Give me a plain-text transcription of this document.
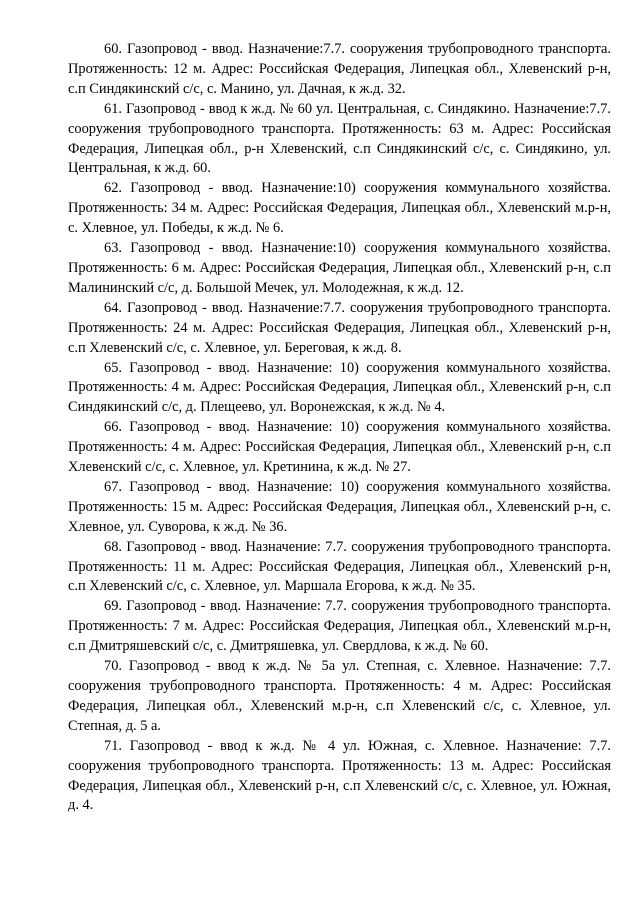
60. Газопровод - ввод. Назначение:7.7. сооружения трубопроводного транспорта. Протяженность: 12 м. Адрес: Российская Федерация, Липецкая обл., Хлевенский р-н, с.п Синдякинский с/с, с. Манино, ул. Дачная, к ж.д. 32.

61. Газопровод - ввод к ж.д. № 60 ул. Центральная, с. Синдякино. Назначение:7.7. сооружения трубопроводного транспорта. Протяженность: 63 м. Адрес: Российская Федерация, Липецкая обл., р-н Хлевенский, с.п Синдякинский с/с, с. Синдякино, ул. Центральная, к ж.д. 60.

62. Газопровод - ввод. Назначение:10) сооружения коммунального хозяйства. Протяженность: 34 м. Адрес: Российская Федерация, Липецкая обл., Хлевенский м.р-н, с. Хлевное, ул. Победы, к ж.д. № 6.

63. Газопровод - ввод. Назначение:10) сооружения коммунального хозяйства. Протяженность: 6 м. Адрес: Российская Федерация, Липецкая обл., Хлевенский р-н, с.п Малининский с/с, д. Большой Мечек, ул. Молодежная, к ж.д. 12.

64. Газопровод - ввод. Назначение:7.7. сооружения трубопроводного транспорта. Протяженность: 24 м. Адрес: Российская Федерация, Липецкая обл., Хлевенский р-н, с.п Хлевенский с/с, с. Хлевное, ул. Береговая, к ж.д. 8.

65. Газопровод - ввод. Назначение: 10) сооружения коммунального хозяйства. Протяженность: 4 м. Адрес: Российская Федерация, Липецкая обл., Хлевенский р-н, с.п Синдякинский с/с, д. Плещеево, ул. Воронежская, к ж.д. № 4.

66. Газопровод - ввод. Назначение: 10) сооружения коммунального хозяйства. Протяженность: 4 м. Адрес: Российская Федерация, Липецкая обл., Хлевенский р-н, с.п Хлевенский с/с, с. Хлевное, ул. Кретинина, к ж.д. № 27.

67. Газопровод - ввод. Назначение: 10) сооружения коммунального хозяйства. Протяженность: 15 м. Адрес: Российская Федерация, Липецкая обл., Хлевенский р-н, с. Хлевное, ул. Суворова, к ж.д. № 36.

68. Газопровод - ввод. Назначение: 7.7. сооружения трубопроводного транспорта. Протяженность: 11 м. Адрес: Российская Федерация, Липецкая обл., Хлевенский р-н, с.п Хлевенский с/с, с. Хлевное, ул. Маршала Егорова, к ж.д. № 35.

69. Газопровод - ввод. Назначение: 7.7. сооружения трубопроводного транспорта. Протяженность: 7 м. Адрес: Российская Федерация, Липецкая обл., Хлевенский м.р-н, с.п Дмитряшевский с/с, с. Дмитряшевка, ул. Свердлова, к ж.д. № 60.

70. Газопровод - ввод к ж.д. № 5а ул. Степная, с. Хлевное. Назначение: 7.7. сооружения трубопроводного транспорта. Протяженность: 4 м. Адрес: Российская Федерация, Липецкая обл., Хлевенский м.р-н, с.п Хлевенский с/с, с. Хлевное, ул. Степная, д. 5 а.

71. Газопровод - ввод к ж.д. № 4 ул. Южная, с. Хлевное. Назначение: 7.7. сооружения трубопроводного транспорта. Протяженность: 13 м. Адрес: Российская Федерация, Липецкая обл., Хлевенский р-н, с.п Хлевенский с/с, с. Хлевное, ул. Южная, д. 4.
